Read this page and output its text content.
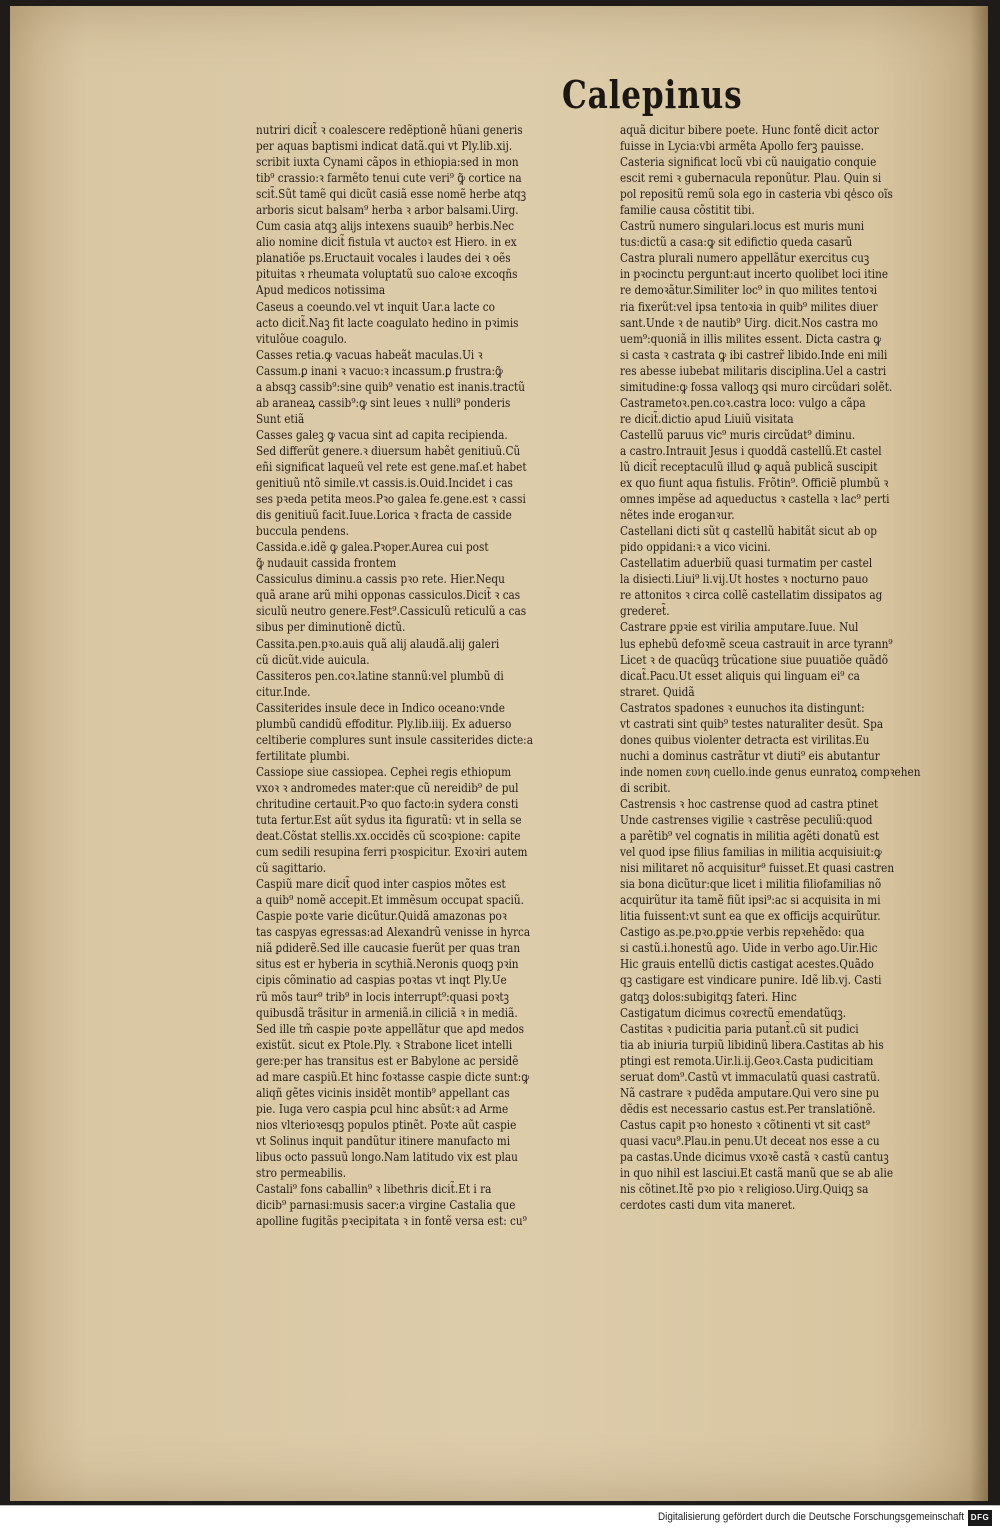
Calepinus
nutriri dicit̃ ꝛ coalescere redẽptionẽ hũani generis
per aquas baptismi indicat datã.qui vt Ply.lib.xij.
scribit iuxta Cynami cãpos in ethiopia:sed in mon
tib⁹ crassio:ꝛ farmẽto tenui cute veri⁹ ꝙ̃ cortice na
scit̃.Sũt tamẽ qui dicũt casiã esse nomẽ herbe atqꝫ
arboris sicut balsam⁹ herba ꝛ arbor balsami.Uirg.
Cum casia atqꝫ alijs intexens suauib⁹ herbis.Nec
alio nomine dicit̃ fistula vt auctoꝛ est Hiero. in ex
planatiõe ps.Eructauit vocales i laudes dei ꝛ oẽs
pituitas ꝛ rheumata voluptatũ suo caloꝛe excoqñs
Apud medicos notissima
Caseus a coeundo.vel vt inquit Uar.a lacte co
acto dicit̃.Naꝫ fit lacte coagulato hedino in pꝛimis
vitulõue coagulo.
Casses retia.ꝙ vacuas habeãt maculas.Ui ꝛ
Cassum.ꝑ inani ꝛ vacuo:ꝛ incassum.ꝑ frustra:ꝙ̃
a absqꝫ cassib⁹:sine quib⁹ venatio est inanis.tractũ
ab araneaꝝ cassib⁹:ꝙ sint leues ꝛ nulli⁹ ponderis
Sunt etiã
Casses galeꝫ ꝙ vacua sint ad capita recipienda.
Sed differũt genere.ꝛ diuersum habẽt genitiuũ.Cũ
eñi significat laqueũ vel rete est gene.maſ.et habet
genitiuũ ntõ simile.vt cassis.is.Ouid.Incidet i cas
ses pꝛeda petita meos.Pꝛo galea fe.gene.est ꝛ cassi
dis genitiuũ facit.Iuue.Lorica ꝛ fracta de casside
buccula pendens.
Cassida.e.idẽ ꝙ galea.Pꝛoper.Aurea cui post
ꝙ̃ nudauit cassida frontem
Cassiculus diminu.a cassis pꝛo rete. Hier.Nequ
quã arane arũ mihi opponas cassiculos.Dicit̃ ꝛ cas
siculũ neutro genere.Fest⁹.Cassiculũ reticulũ a cas
sibus per diminutionẽ dictũ.
Cassita.pen.pꝛo.auis quã alij alaudã.alij galeri
cũ dicũt.vide auicula.
Cassiteros pen.coꝛ.latine stannũ:vel plumbũ di
citur.Inde.
Cassiterides insule dece in Indico oceano:vnde
plumbũ candidũ effoditur. Ply.lib.iiij. Ex aduerso
celtiberie complures sunt insule cassiterides dicte:a
fertilitate plumbi.
Cassiope siue cassiopea. Cephei regis ethiopum
vxoꝛ ꝛ andromedes mater:que cũ nereidib⁹ de pul
chritudine certauit.Pꝛo quo facto:in sydera consti
tuta fertur.Est aũt sydus ita figuratũ: vt in sella se
deat.Cõstat stellis.xx.occidẽs cũ scoꝛpione: capite
cum sedili resupina ferri pꝛospicitur. Exoꝛiri autem
cũ sagittario.
Caspiũ mare dicit̃ quod inter caspios mõtes est
a quib⁹ nomẽ accepit.Et immẽsum occupat spaciũ.
Caspie poꝛte varie dicũtur.Quidã amazonas poꝛ
tas caspyas egressas:ad Alexandrũ venisse in hyrca
niã ꝑdiderẽ.Sed ille caucasie fuerũt per quas tran
situs est er hyberia in scythiã.Neronis quoqꝫ pꝛin
cipis cõminatio ad caspias poꝛtas vt inqt Ply.Ue
rũ mõs taur⁹ trib⁹ in locis interrupt⁹:quasi poꝛtꝫ
quibusdã trãsitur in armeniã.in ciliciã ꝛ in mediã.
Sed ille tm̃ caspie poꝛte appellãtur que apd medos
existũt. sicut ex Ptole.Ply. ꝛ Strabone licet intelli
gere:per has transitus est er Babylone ac persidẽ
ad mare caspiũ.Et hinc foꝛtasse caspie dicte sunt:ꝙ
aliqñ gẽtes vicinis insidẽt montib⁹ appellant cas
pie. Iuga vero caspia ꝑcul hinc absũt:ꝛ ad Arme
nios vlterioꝛesqꝫ populos ptinẽt. Poꝛte aũt caspie
vt Solinus inquit pandũtur itinere manufacto mi
libus octo passuũ longo.Nam latitudo vix est plau
stro permeabilis.
Castali⁹ fons caballin⁹ ꝛ libethris dicit̃.Et i ra
dicib⁹ parnasi:musis sacer:a virgine Castalia que
apolline fugitãs pꝛecipitata ꝛ in fontẽ versa est: cu⁹
aquã dicitur bibere poete. Hunc fontẽ dicit actor
fuisse in Lycia:vbi armẽta Apollo ferꝫ pauisse.
Casteria significat locũ vbi cũ nauigatio conquie
escit remi ꝛ gubernacula reponũtur. Plau. Quin si
pol repositũ remũ sola ego in casteria vbi qe̾sco oĩs
familie causa cõstitit tibi.
Castrũ numero singulari.locus est muris muni
tus:dictũ a casa:ꝙ sit edifictio queda casarũ
Castra plurali numero appellãtur exercitus cuꝫ
in pꝛocinctu pergunt:aut incerto quolibet loci itine
re demoꝛãtur.Similiter loc⁹ in quo milites tentoꝛi
ria fixerũt:vel ipsa tentoꝛia in quib⁹ milites diuer
sant.Unde ꝛ de nautib⁹ Uirg. dicit.Nos castra mo
uem⁹:quoniã in illis milites essent. Dicta castra ꝙ
si casta ꝛ castrata ꝙ ibi castrer̃ libido.Inde eni mili
res abesse iubebat militaris disciplina.Uel a castri
simitudine:ꝙ fossa valloqꝫ qsi muro circũdari solẽt.
Castrametoꝛ.pen.coꝛ.castra loco: vulgo a cãpa
re dicit̃.dictio apud Liuiũ visitata
Castellũ paruus vic⁹ muris circũdat⁹ diminu.
a castro.Intrauit Jesus i quoddã castellũ.Et castel
lũ dicit̃ receptaculũ illud ꝙ aquã publicã suscipit
ex quo fiunt aqua fistulis. Frõtin⁹. Officiẽ plumbũ ꝛ
omnes impẽse ad aqueductus ꝛ castella ꝛ lac⁹ perti
nẽtes inde eroganꝛur.
Castellani dicti sũt q castellũ habitãt sicut ab op
pido oppidani:ꝛ a vico vicini.
Castellatim aduerbiũ quasi turmatim per castel
la disiecti.Liui⁹ li.vij.Ut hostes ꝛ nocturno pauo
re attonitos ꝛ circa collẽ castellatim dissipatos ag
grederet̃.
Castrare ꝑpꝛie est virilia amputare.Iuue. Nul
lus ephebũ defoꝛmẽ sceua castrauit in arce tyrann⁹
Licet ꝛ de quacũqꝫ trũcatione siue puuatiõe quãdõ
dicat̃.Pacu.Ut esset aliquis qui linguam ei⁹ ca
straret. Quidã
Castratos spadones ꝛ eunuchos ita distingunt:
vt castrati sint quib⁹ testes naturaliter desũt. Spa
dones quibus violenter detracta est virilitas.Eu
nuchi a dominus castrãtur vt diuti⁹ eis abutantur
inde nomen ευνη cuello.inde genus eunratoꝝ compꝛehen
di scribit.
Castrensis ꝛ hoc castrense quod ad castra ptinet
Unde castrenses vigilie ꝛ castrẽse peculiũ:quod
a parẽtib⁹ vel cognatis in militia agẽti donatũ est
vel quod ipse filius familias in militia acquisiuit:ꝙ
nisi militaret nõ acquisitur⁹ fuisset.Et quasi castren
sia bona dicũtur:que licet i militia filiofamilias nõ
acquirũtur ita tamẽ fiũt ipsi⁹:ac si acquisita in mi
litia fuissent:vt sunt ea que ex officijs acquirũtur.
Castigo as.pe.pꝛo.ꝑpꝛie verbis repꝛehẽdo: qua
si castũ.i.honestũ ago. Uide in verbo ago.Uir.Hic
Hic grauis entellũ dictis castigat acestes.Quãdo
qꝫ castigare est vindicare punire. Idẽ lib.vj. Casti
gatqꝫ dolos:subigitqꝫ fateri. Hinc
Castigatum dicimus coꝛrectũ emendatũqꝫ.
Castitas ꝛ pudicitia paria putant̃.cũ sit pudici
tia ab iniuria turpiũ libidinũ libera.Castitas ab his
ptingi est remota.Uir.li.ij.Geoꝛ.Casta pudicitiam
seruat dom⁹.Castũ vt immaculatũ quasi castratũ.
Nã castrare ꝛ pudẽda amputare.Qui vero sine pu
dẽdis est necessario castus est.Per translatiõnẽ.
Castus capit pꝛo honesto ꝛ cõtinenti vt sit cast⁹
quasi vacu⁹.Plau.in penu.Ut deceat nos esse a cu
pa castas.Unde dicimus vxoꝛẽ castã ꝛ castũ cantuꝫ
in quo nihil est lasciui.Et castã manũ que se ab alie
nis cõtinet.Itẽ pꝛo pio ꝛ religioso.Uirg.Quiqꝫ sa
cerdotes casti dum vita maneret.
Digitalisierung gefördert durch die Deutsche Forschungsgemeinschaft DFG
